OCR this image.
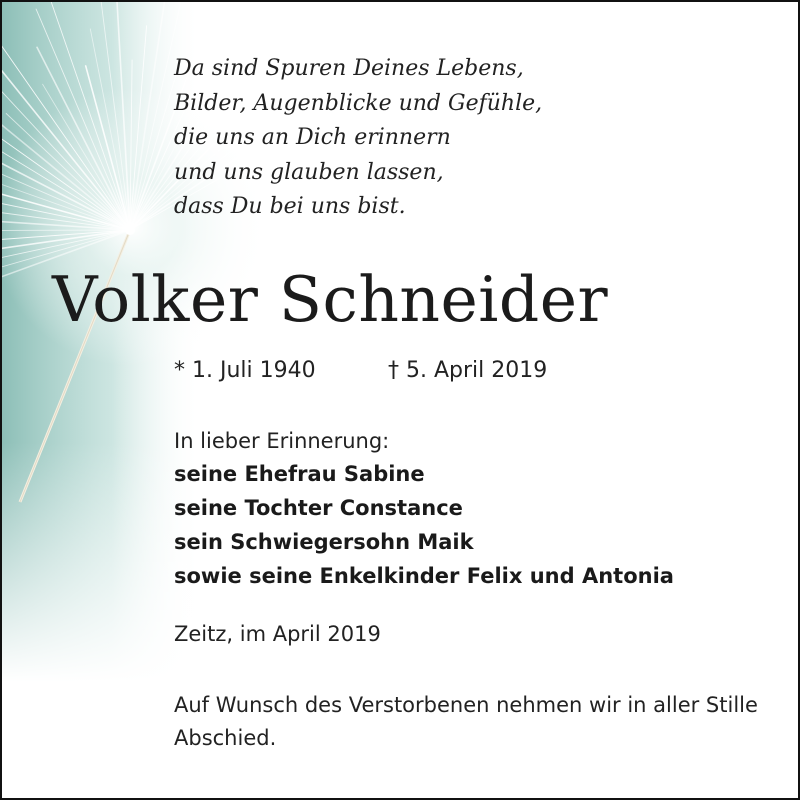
Da sind Spuren Deines Lebens,
Bilder, Augenblicke und Gefühle,
die uns an Dich erinnern
und uns glauben lassen,
dass Du bei uns bist.
Volker Schneider
* 1. Juli 1940	† 5. April 2019
In lieber Erinnerung:
seine Ehefrau Sabine
seine Tochter Constance
sein Schwiegersohn Maik
sowie seine Enkelkinder Felix und Antonia
Zeitz, im April 2019

Auf Wunsch des Verstorbenen nehmen wir in aller Stille Abschied.
